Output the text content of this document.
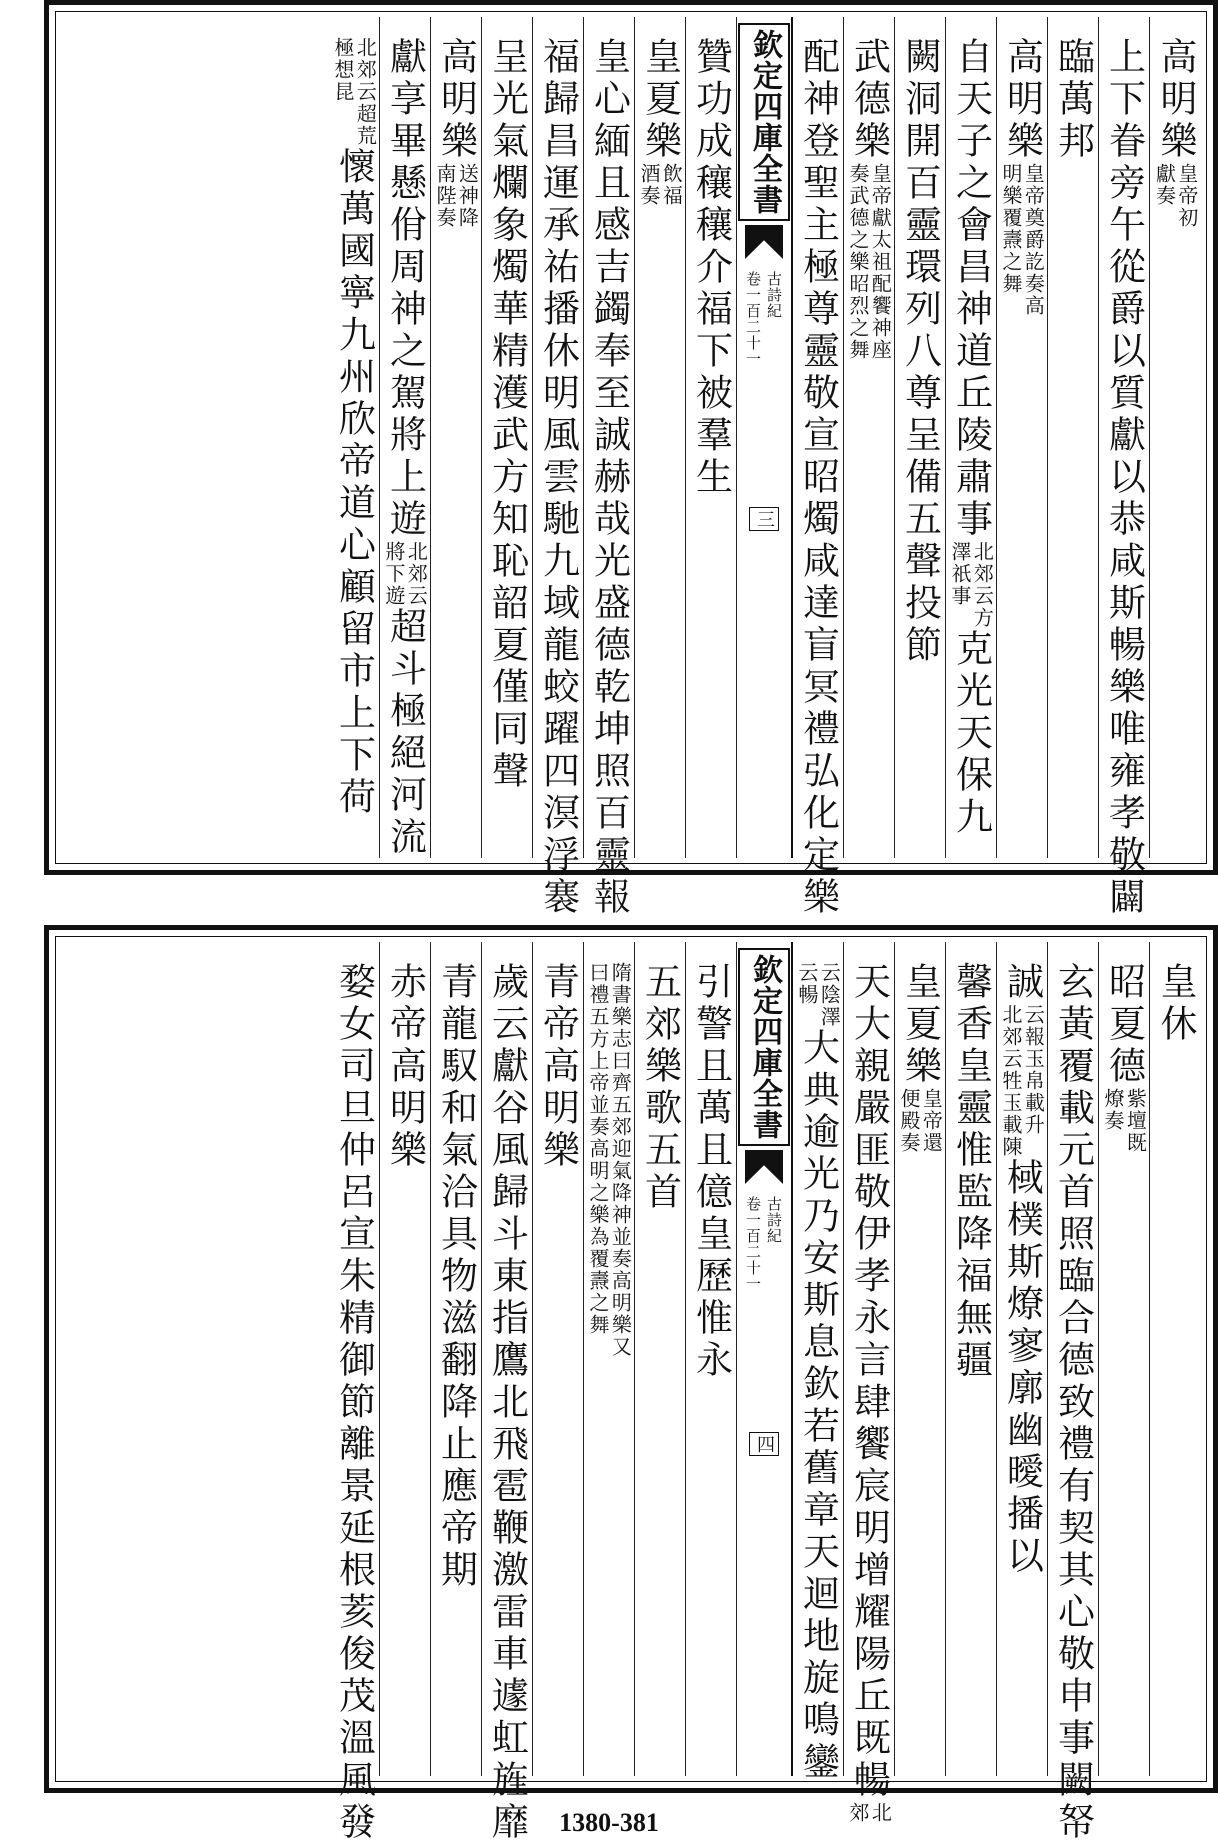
高明樂
皇帝初
獻奏
上下眷旁午從爵以質獻以恭咸斯暢樂唯雍孝敬闢
臨萬邦
高明樂
皇帝奠爵訖奏高
明樂覆燾之舞
自天子之會昌神道丘陵肅事
北郊云方
澤祇事
克光天保九
闕洞開百靈環列八尊呈備五聲投節
武德樂
皇帝獻太祖配饗神座
奏武德之樂昭烈之舞
配神登聖主極尊靈敬宣昭燭咸達盲冥禮弘化定樂
欽定四庫全書
古詩紀
卷一百二十一
三
贊功成穰穰介福下被羣生
皇夏樂
飲福
酒奏
皇心緬且感吉蠲奉至誠赫哉光盛德乾坤照百靈報
福歸昌運承祐播休明風雲馳九域龍蛟躍四溟浮褰
呈光氣爛象燭華精濩武方知恥韶夏僅同聲
高明樂
送神降
南陛奏
獻享畢懸佾周神之駕將上遊
北郊云
將下遊
超斗極絕河流
北郊云超荒
極想昆
懷萬國寧九州欣帝道心顧留市上下荷
皇休
昭夏德
紫壇既
燎奏
玄黃覆載元首照臨合德致禮有契其心敬申事闕帑
誠
云報玉帛載升
北郊云牲玉載陳
棫樸斯燎寥廓幽曖播以
馨香皇靈惟監降福無疆
皇夏樂
皇帝還
便殿奏
天大親嚴匪敬伊孝永言肆饗宸明增耀陽丘既暢
北
郊
云陰澤
云暢
大典逾光乃安斯息欽若舊章天迴地旋鳴鑾
欽定四庫全書
古詩紀
卷一百二十一
四
引警且萬且億皇歷惟永
五郊樂歌五首
隋書樂志曰齊五郊迎氣降神並奏高明樂又
曰禮五方上帝並奏高明之樂為覆燾之舞
青帝高明樂
歲云獻谷風歸斗東指鷹北飛雹鞭激雷車遽虹旌靡
青龍馭和氣洽具物滋翻降止應帝期
赤帝高明樂
婺女司旦仲呂宣朱精御節離景延根荄俊茂溫風發	1380-381
